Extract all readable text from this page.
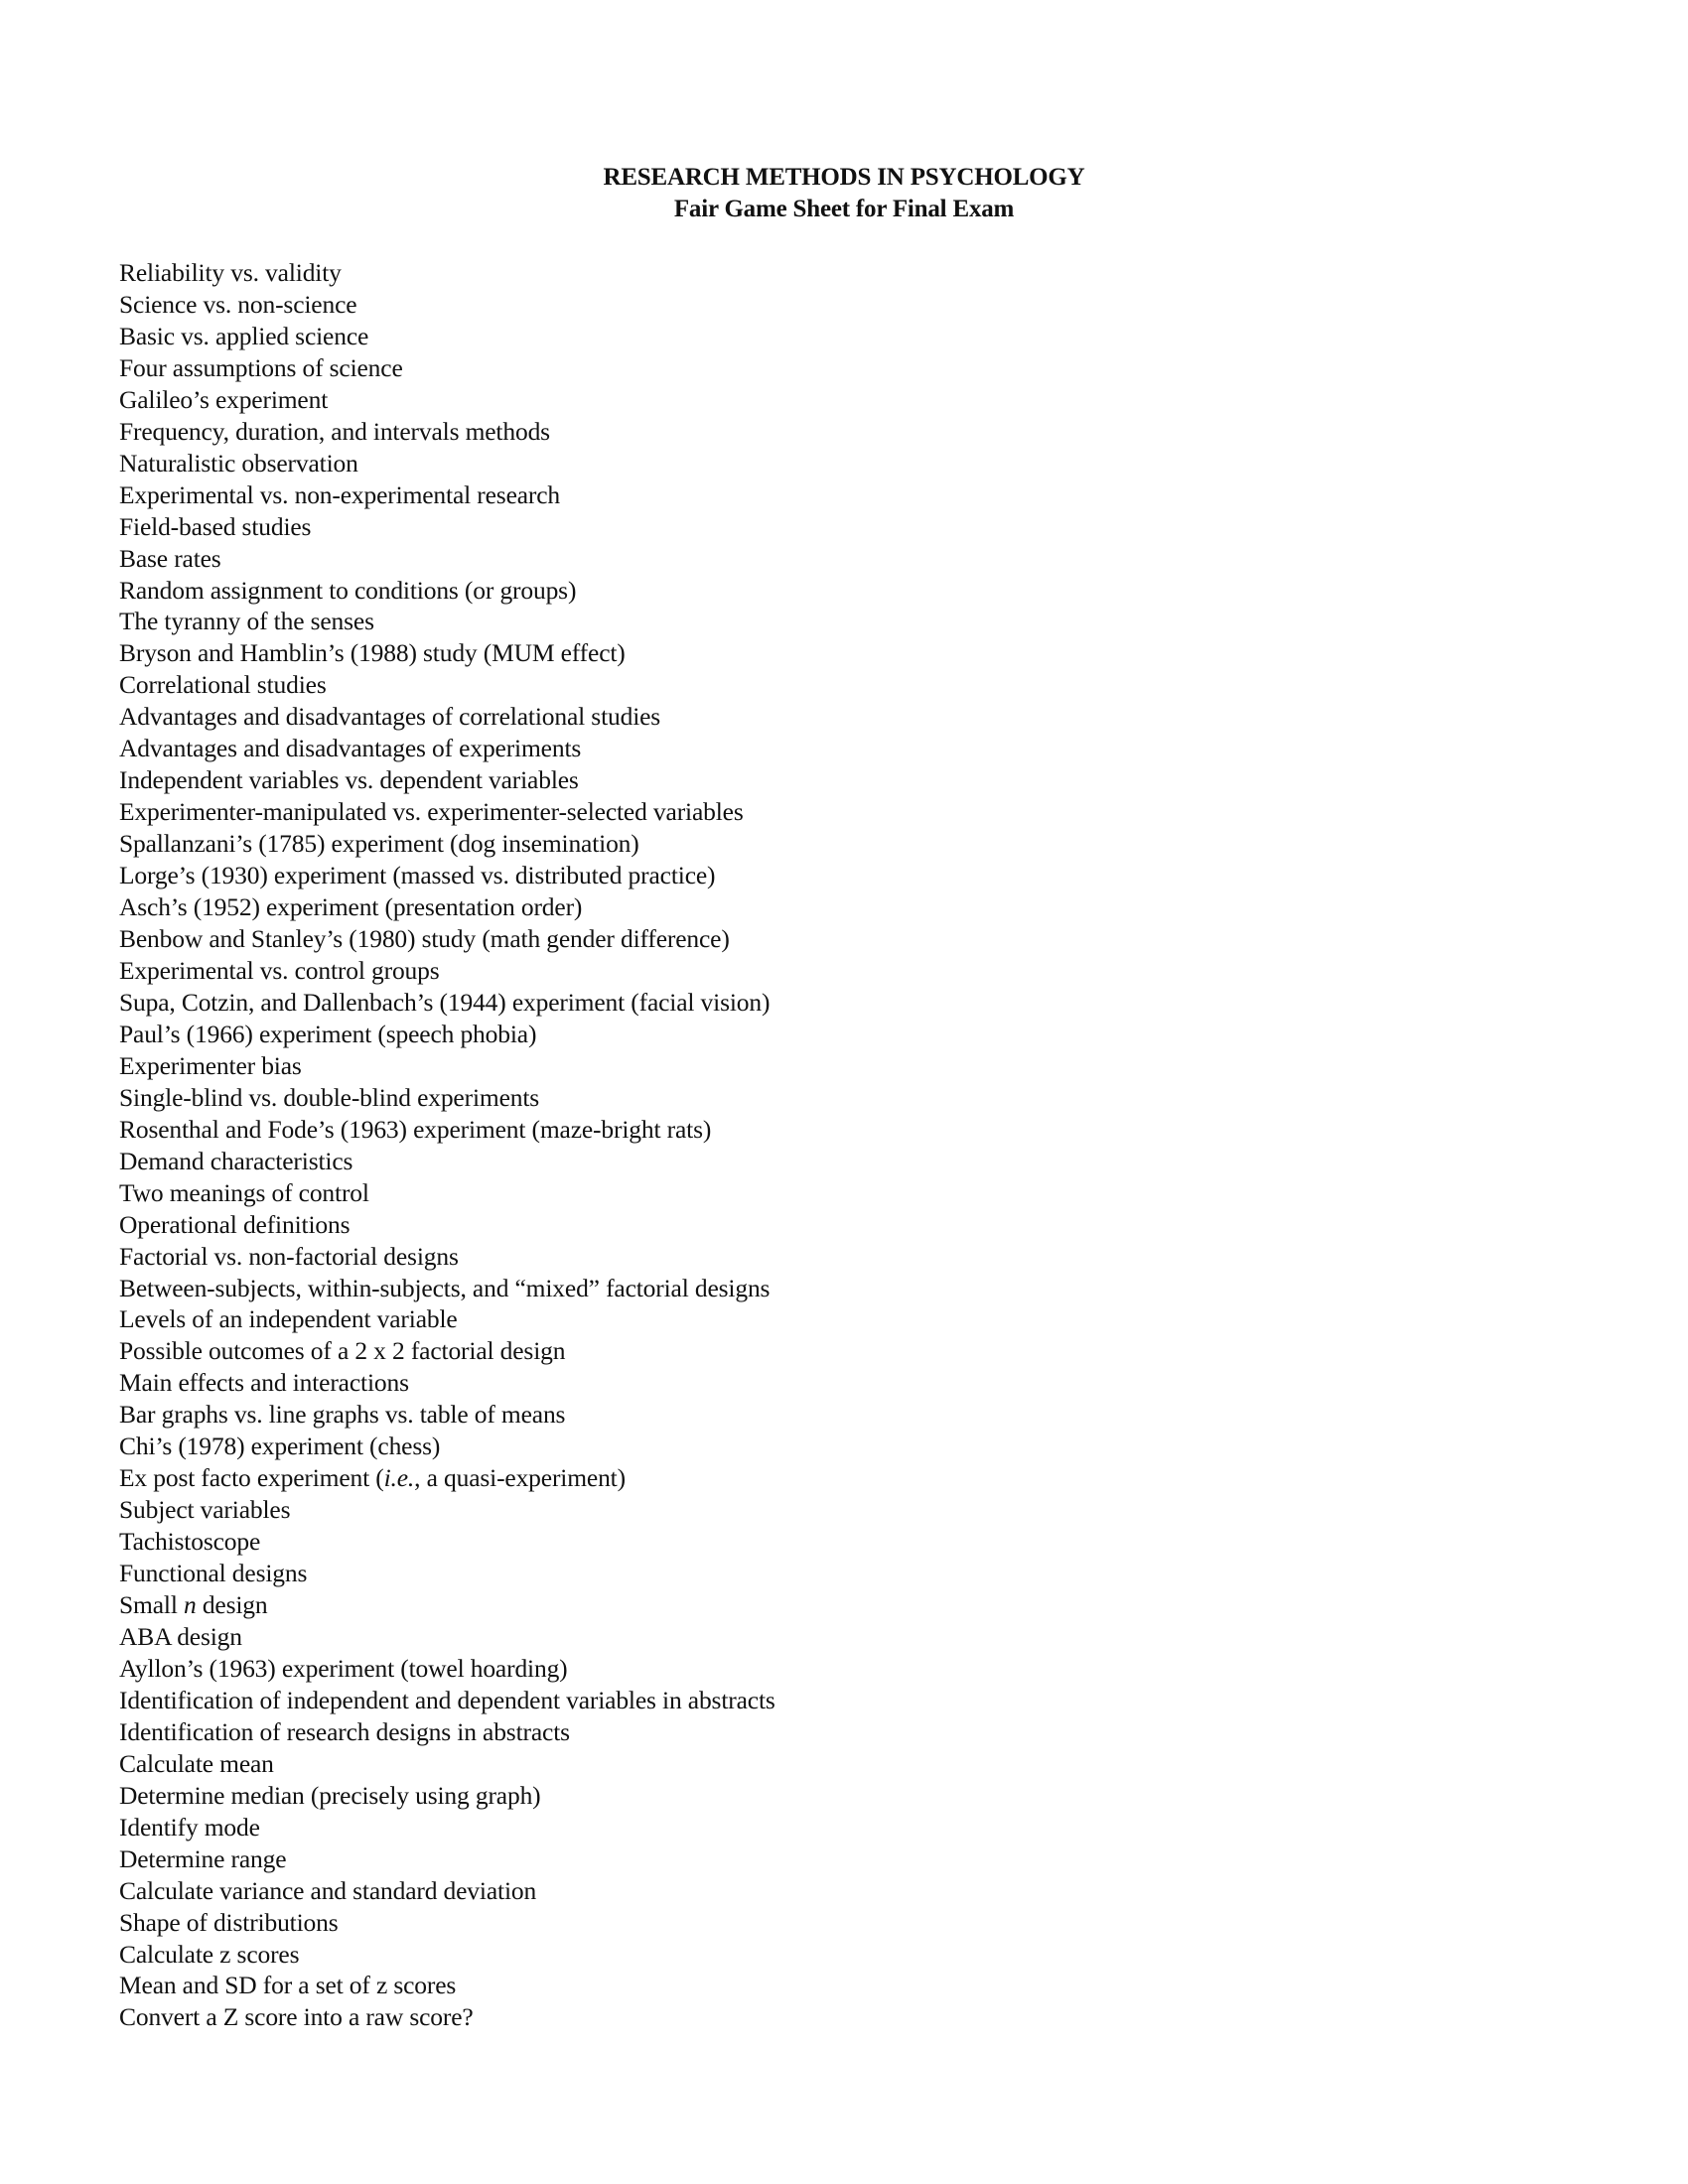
RESEARCH METHODS IN PSYCHOLOGY
Fair Game Sheet for Final Exam
Reliability vs. validity
Science vs. non-science
Basic vs. applied science
Four assumptions of science
Galileo’s experiment
Frequency, duration, and intervals methods
Naturalistic observation
Experimental vs. non-experimental research
Field-based studies
Base rates
Random assignment to conditions (or groups)
The tyranny of the senses
Bryson and Hamblin’s (1988) study (MUM effect)
Correlational studies
Advantages and disadvantages of correlational studies
Advantages and disadvantages of experiments
Independent variables vs. dependent variables
Experimenter-manipulated vs. experimenter-selected variables
Spallanzani’s (1785) experiment (dog insemination)
Lorge’s (1930) experiment (massed vs. distributed practice)
Asch’s (1952) experiment (presentation order)
Benbow and Stanley’s (1980) study (math gender difference)
Experimental vs. control groups
Supa, Cotzin, and Dallenbach’s (1944) experiment (facial vision)
Paul’s (1966) experiment (speech phobia)
Experimenter bias
Single-blind vs. double-blind experiments
Rosenthal and Fode’s (1963) experiment (maze-bright rats)
Demand characteristics
Two meanings of control
Operational definitions
Factorial vs. non-factorial designs
Between-subjects, within-subjects, and “mixed” factorial designs
Levels of an independent variable
Possible outcomes of a 2 x 2 factorial design
Main effects and interactions
Bar graphs vs. line graphs vs. table of means
Chi’s (1978) experiment (chess)
Ex post facto experiment (i.e., a quasi-experiment)
Subject variables
Tachistoscope
Functional designs
Small n design
ABA design
Ayllon’s (1963) experiment (towel hoarding)
Identification of independent and dependent variables in abstracts
Identification of research designs in abstracts
Calculate mean
Determine median (precisely using graph)
Identify mode
Determine range
Calculate variance and standard deviation
Shape of distributions
Calculate z scores
Mean and SD for a set of z scores
Convert a Z score into a raw score?
